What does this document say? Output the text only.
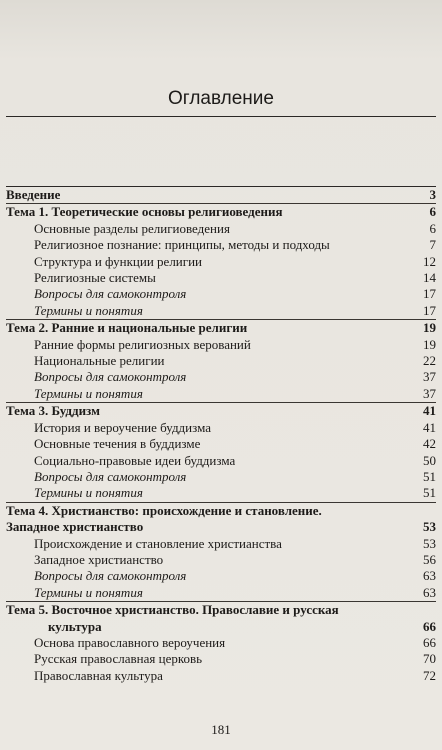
Оглавление
Введение	3
Тема 1. Теоретические основы религиоведения	6
Основные разделы религиоведения	6
Религиозное познание: принципы, методы и подходы	7
Структура и функции религии	12
Религиозные системы	14
Вопросы для самоконтроля	17
Термины и понятия	17
Тема 2. Ранние и национальные религии	19
Ранние формы религиозных верований	19
Национальные религии	22
Вопросы для самоконтроля	37
Термины и понятия	37
Тема 3. Буддизм	41
История и вероучение буддизма	41
Основные течения в буддизме	42
Социально-правовые идеи буддизма	50
Вопросы для самоконтроля	51
Термины и понятия	51
Тема 4. Христианство: происхождение и становление.
Западное христианство	53
Происхождение и становление христианства	53
Западное христианство	56
Вопросы для самоконтроля	63
Термины и понятия	63
Тема 5. Восточное христианство. Православие и русская
культура	66
Основа православного вероучения	66
Русская православная церковь	70
Православная культура	72
181
